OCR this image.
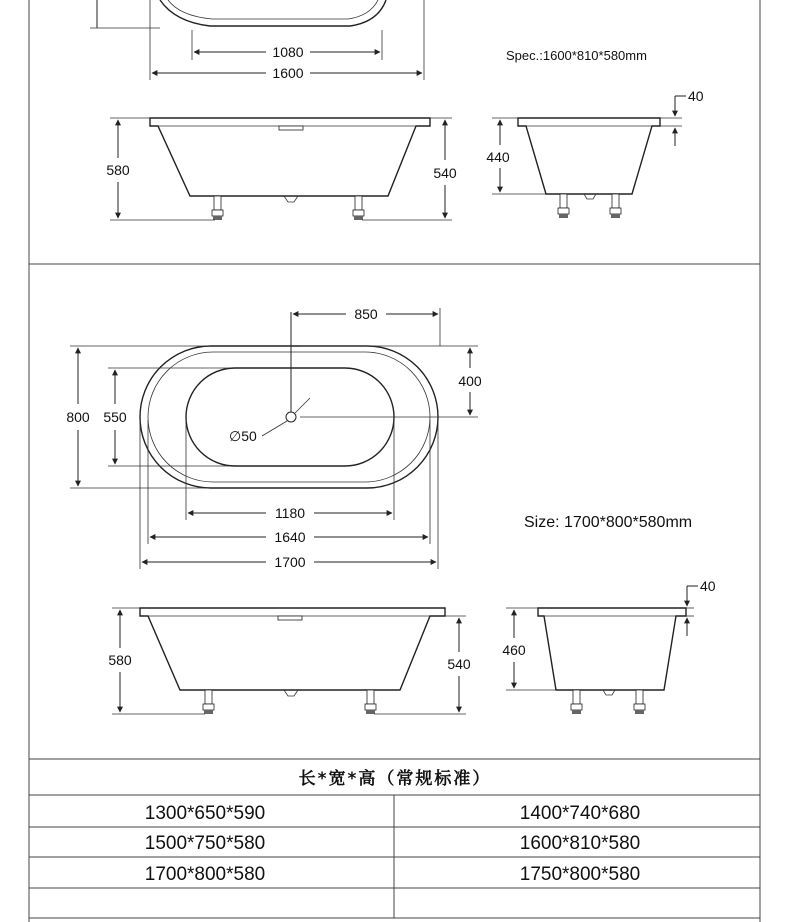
1080
1600
Spec.:1600*810*580mm
580	540
440
40
∅50
850
800 550
400
1180
1640
1700
Size: 1700*800*580mm
580	540
460
40
长*宽*高（常规标准）
1300*650*590	1400*740*680
1500*750*580	1600*810*580
1700*800*580	1750*800*580
